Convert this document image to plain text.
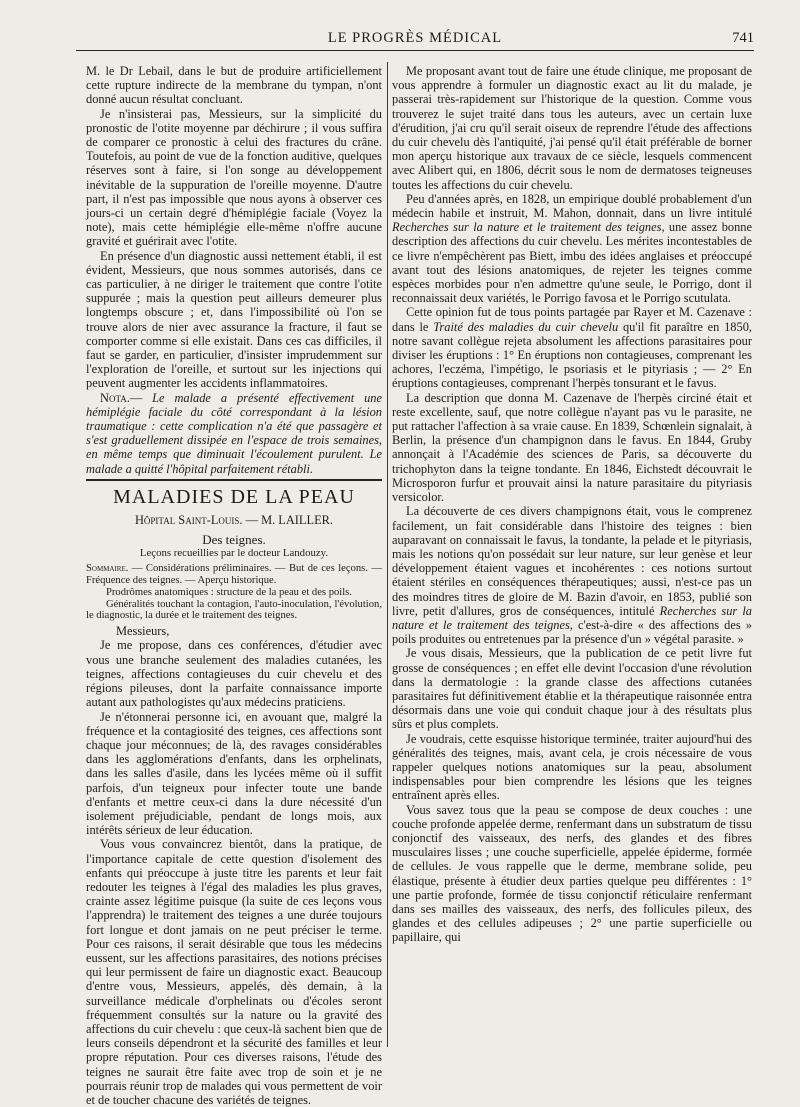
LE PROGRÈS MÉDICAL	741

M. le Dr Lebail, dans le but de produire artificiellement cette rupture indirecte de la membrane du tympan, n'ont donné aucun résultat concluant.

Je n'insisterai pas, Messieurs, sur la simplicité du pronostic de l'otite moyenne par déchirure ; il vous suffira de comparer ce pronostic à celui des fractures du crâne. Toutefois, au point de vue de la fonction auditive, quelques réserves sont à faire, si l'on songe au développement inévitable de la suppuration de l'oreille moyenne. D'autre part, il n'est pas impossible que nous ayons à observer ces jours-ci un certain degré d'hémiplégie faciale (Voyez la note), mais cette hémiplégie elle-même n'offre aucune gravité et guérirait avec l'otite.

En présence d'un diagnostic aussi nettement établi, il est évident, Messieurs, que nous sommes autorisés, dans ce cas particulier, à ne diriger le traitement que contre l'otite suppurée ; mais la question peut ailleurs demeurer plus longtemps obscure ; et, dans l'impossibilité où l'on se trouve alors de nier avec assurance la fracture, il faut se comporter comme si elle existait. Dans ces cas difficiles, il faut se garder, en particulier, d'insister imprudemment sur l'exploration de l'oreille, et surtout sur les injections qui peuvent augmenter les accidents inflammatoires.

Nota.— Le malade a présenté effectivement une hémiplégie faciale du côté correspondant à la lésion traumatique : cette complication n'a été que passagère et s'est graduellement dissipée en l'espace de trois semaines, en même temps que diminuait l'écoulement purulent. Le malade a quitté l'hôpital parfaitement rétabli.

MALADIES DE LA PEAU
Hôpital Saint-Louis. — M. LAILLER.
Des teignes.
Leçons recueillies par le docteur Landouzy.

Sommaire. — Considérations préliminaires. — But de ces leçons. — Fréquence des teignes. — Aperçu historique.

Prodrômes anatomiques : structure de la peau et des poils.

Généralités touchant la contagion, l'auto-inoculation, l'évolution, le diagnostic, la durée et le traitement des teignes.

Messieurs,

Je me propose, dans ces conférences, d'étudier avec vous une branche seulement des maladies cutanées, les teignes, affections contagieuses du cuir chevelu et des régions pileuses, dont la parfaite connaissance importe autant aux pathologistes qu'aux médecins praticiens.

Je n'étonnerai personne ici, en avouant que, malgré la fréquence et la contagiosité des teignes, ces affections sont chaque jour méconnues; de là, des ravages considérables dans les agglomérations d'enfants, dans les orphelinats, dans les salles d'asile, dans les lycées même où il suffit parfois, d'un teigneux pour infecter toute une bande d'enfants et mettre ceux-ci dans la dure nécessité d'un isolement préjudiciable, pendant de longs mois, aux intérêts sérieux de leur éducation.

Vous vous convaincrez bientôt, dans la pratique, de l'importance capitale de cette question d'isolement des enfants qui préoccupe à juste titre les parents et leur fait redouter les teignes à l'égal des maladies les plus graves, crainte assez légitime puisque (la suite de ces leçons vous l'apprendra) le traitement des teignes a une durée toujours fort longue et dont jamais on ne peut préciser le terme. Pour ces raisons, il serait désirable que tous les médecins eussent, sur les affections parasitaires, des notions précises qui leur permissent de faire un diagnostic exact. Beaucoup d'entre vous, Messieurs, appelés, dès demain, à la surveillance médicale d'orphelinats ou d'écoles seront fréquemment consultés sur la nature ou la gravité des affections du cuir chevelu : que ceux-là sachent bien que de leurs conseils dépendront et la sécurité des familles et leur propre réputation. Pour ces diverses raisons, l'étude des teignes ne saurait être faite avec trop de soin et je ne pourrais réunir trop de malades qui vous permettent de voir et de toucher chacune des variétés de teignes.

Me proposant avant tout de faire une étude clinique, me proposant de vous apprendre à formuler un diagnostic exact au lit du malade, je passerai très-rapidement sur l'historique de la question. Comme vous trouverez le sujet traité dans tous les auteurs, avec un certain luxe d'érudition, j'ai cru qu'il serait oiseux de reprendre l'étude des affections du cuir chevelu dès l'antiquité, j'ai pensé qu'il était préférable de borner mon aperçu historique aux travaux de ce siècle, lesquels commencent avec Alibert qui, en 1806, décrit sous le nom de dermatoses teigneuses toutes les affections du cuir chevelu.

Peu d'années après, en 1828, un empirique doublé probablement d'un médecin habile et instruit, M. Mahon, donnait, dans un livre intitulé Recherches sur la nature et le traitement des teignes, une assez bonne description des affections du cuir chevelu. Les mérites incontestables de ce livre n'empêchèrent pas Biett, imbu des idées anglaises et préoccupé avant tout des lésions anatomiques, de rejeter les teignes comme espèces morbides pour n'en admettre qu'une seule, le Porrigo, dont il reconnaissait deux variétés, le Porrigo favosa et le Porrigo scutulata.

Cette opinion fut de tous points partagée par Rayer et M. Cazenave : dans le Traité des maladies du cuir chevelu qu'il fit paraître en 1850, notre savant collègue rejeta absolument les affections parasitaires pour diviser les éruptions : 1° En éruptions non contagieuses, comprenant les achores, l'eczéma, l'impétigo, le psoriasis et le pityriasis ; — 2° En éruptions contagieuses, comprenant l'herpès tonsurant et le favus.

La description que donna M. Cazenave de l'herpès circiné était et reste excellente, sauf, que notre collègue n'ayant pas vu le parasite, ne put rattacher l'affection à sa vraie cause. En 1839, Schœnlein signalait, à Berlin, la présence d'un champignon dans le favus. En 1844, Gruby annonçait à l'Académie des sciences de Paris, sa découverte du trichophyton dans la teigne tondante. En 1846, Eichstedt découvrait le Microsporon furfur et prouvait ainsi la nature parasitaire du pityriasis versicolor.

La découverte de ces divers champignons était, vous le comprenez facilement, un fait considérable dans l'histoire des teignes : bien auparavant on connaissait le favus, la tondante, la pelade et le pityriasis, mais les notions qu'on possédait sur leur nature, sur leur genèse et leur développement étaient vagues et incohérentes : ces notions surtout étaient stériles en conséquences thérapeutiques; aussi, n'est-ce pas un des moindres titres de gloire de M. Bazin d'avoir, en 1853, publié son livre, petit d'allures, gros de conséquences, intitulé Recherches sur la nature et le traitement des teignes, c'est-à-dire « des affections des » poils produites ou entretenues par la présence d'un » végétal parasite. »

Je vous disais, Messieurs, que la publication de ce petit livre fut grosse de conséquences ; en effet elle devint l'occasion d'une révolution dans la dermatologie : la grande classe des affections cutanées parasitaires fut définitivement établie et la thérapeutique raisonnée entra désormais dans une voie qui conduit chaque jour à des résultats plus sûrs et plus complets.

Je voudrais, cette esquisse historique terminée, traiter aujourd'hui des généralités des teignes, mais, avant cela, je crois nécessaire de vous rappeler quelques notions anatomiques sur la peau, absolument indispensables pour bien comprendre les lésions que les teignes entraînent après elles.

Vous savez tous que la peau se compose de deux couches : une couche profonde appelée derme, renfermant dans un substratum de tissu conjonctif des vaisseaux, des nerfs, des glandes et des fibres musculaires lisses ; une couche superficielle, appelée épiderme, formée de cellules. Je vous rappelle que le derme, membrane solide, peu élastique, présente à étudier deux parties quelque peu différentes : 1° une partie profonde, formée de tissu conjonctif réticulaire renfermant dans ses mailles des vaisseaux, des nerfs, des follicules pileux, des glandes et des cellules adipeuses ; 2° une partie superficielle ou papillaire, qui
